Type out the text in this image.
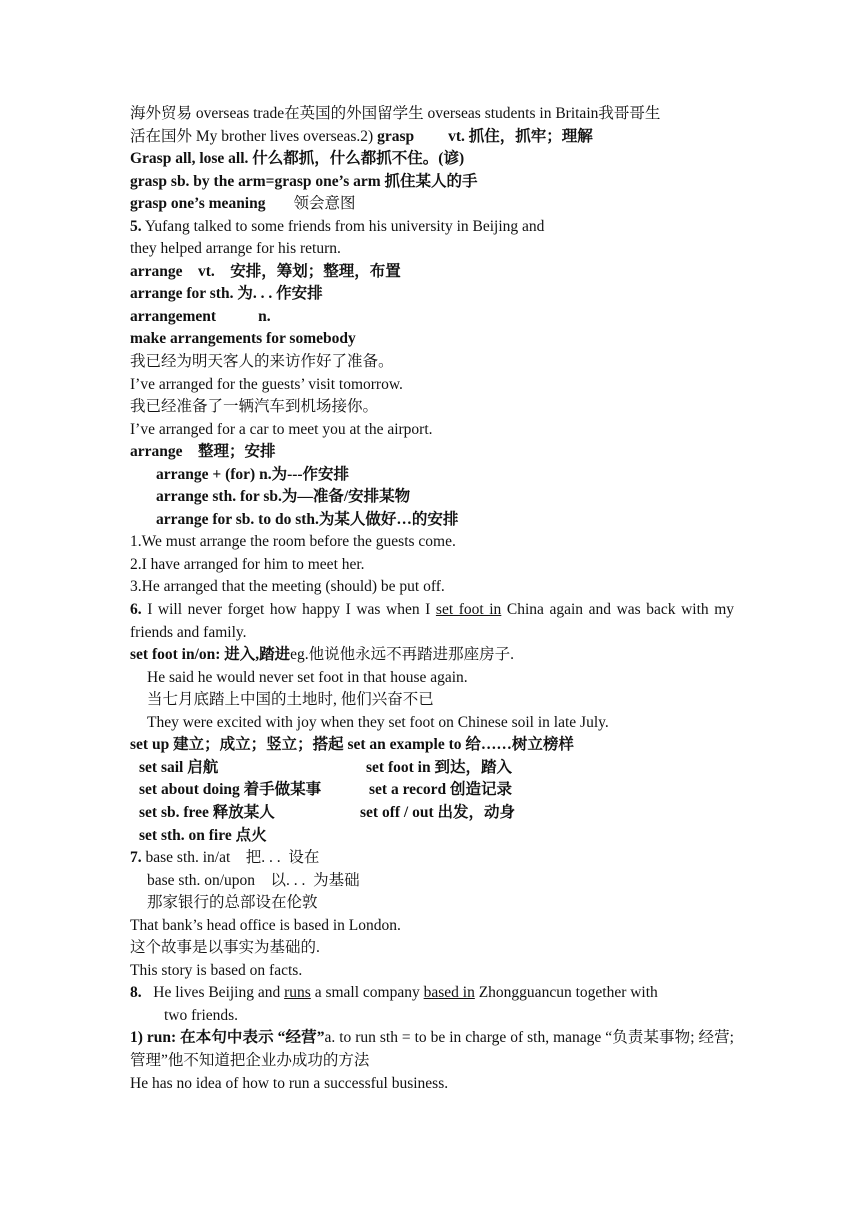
海外贸易 overseas trade在英国的外国留学生 overseas students in Britain我哥哥生
活在国外 My brother lives overseas.2) grasp vt. 抓住，抓牢；理解
Grasp all, lose all. 什么都抓，什么都抓不住。(谚)
grasp sb. by the arm=grasp one’s arm 抓住某人的手
grasp one’s meaning 领会意图
5. Yufang talked to some friends from his university in Beijing and
they helped arrange for his return.
arrange    vt.    安排，筹划；整理，布置
arrange for sth. 为. . . 作安排
arrangement	n.
make arrangements for somebody
我已经为明天客人的来访作好了准备。
I’ve arranged for the guests’ visit tomorrow.
我已经准备了一辆汽车到机场接你。
I’ve arranged for a car to meet you at the airport.
arrange    整理；安排
arrange + (for) n.为---作安排
arrange sth. for sb.为—准备/安排某物
arrange for sb. to do sth.为某人做好…的安排
1.We must arrange the room before the guests come.
2.I have arranged for him to meet her.
3.He arranged that the meeting (should) be put off.
6. I will never forget how happy I was when I set foot in China again and was back with my friends and family.
set foot in/on: 进入,踏进eg.他说他永远不再踏进那座房子.
He said he would never set foot in that house again.
当七月底踏上中国的土地时, 他们兴奋不已
They were excited with joy when they set foot on Chinese soil in late July.
set up 建立；成立；竖立；搭起 set an example to 给……树立榜样
set sail 启航	set foot in 到达，踏入
set about doing 着手做某事	set a record 创造记录
set sb. free 释放某人	set off / out 出发，动身
set sth. on fire 点火
7. base sth. in/at    把. . .  设在
base sth. on/upon    以. . .  为基础
那家银行的总部设在伦敦
That bank’s head office is based in London.
这个故事是以事实为基础的.
This story is based on facts.
8.   He lives Beijing and runs a small company based in Zhongguancun together with
two friends.
1) run: 在本句中表示 “经营”a. to run sth = to be in charge of sth, manage “负责某事物; 经营;管理”他不知道把企业办成功的方法
He has no idea of how to run a successful business.
